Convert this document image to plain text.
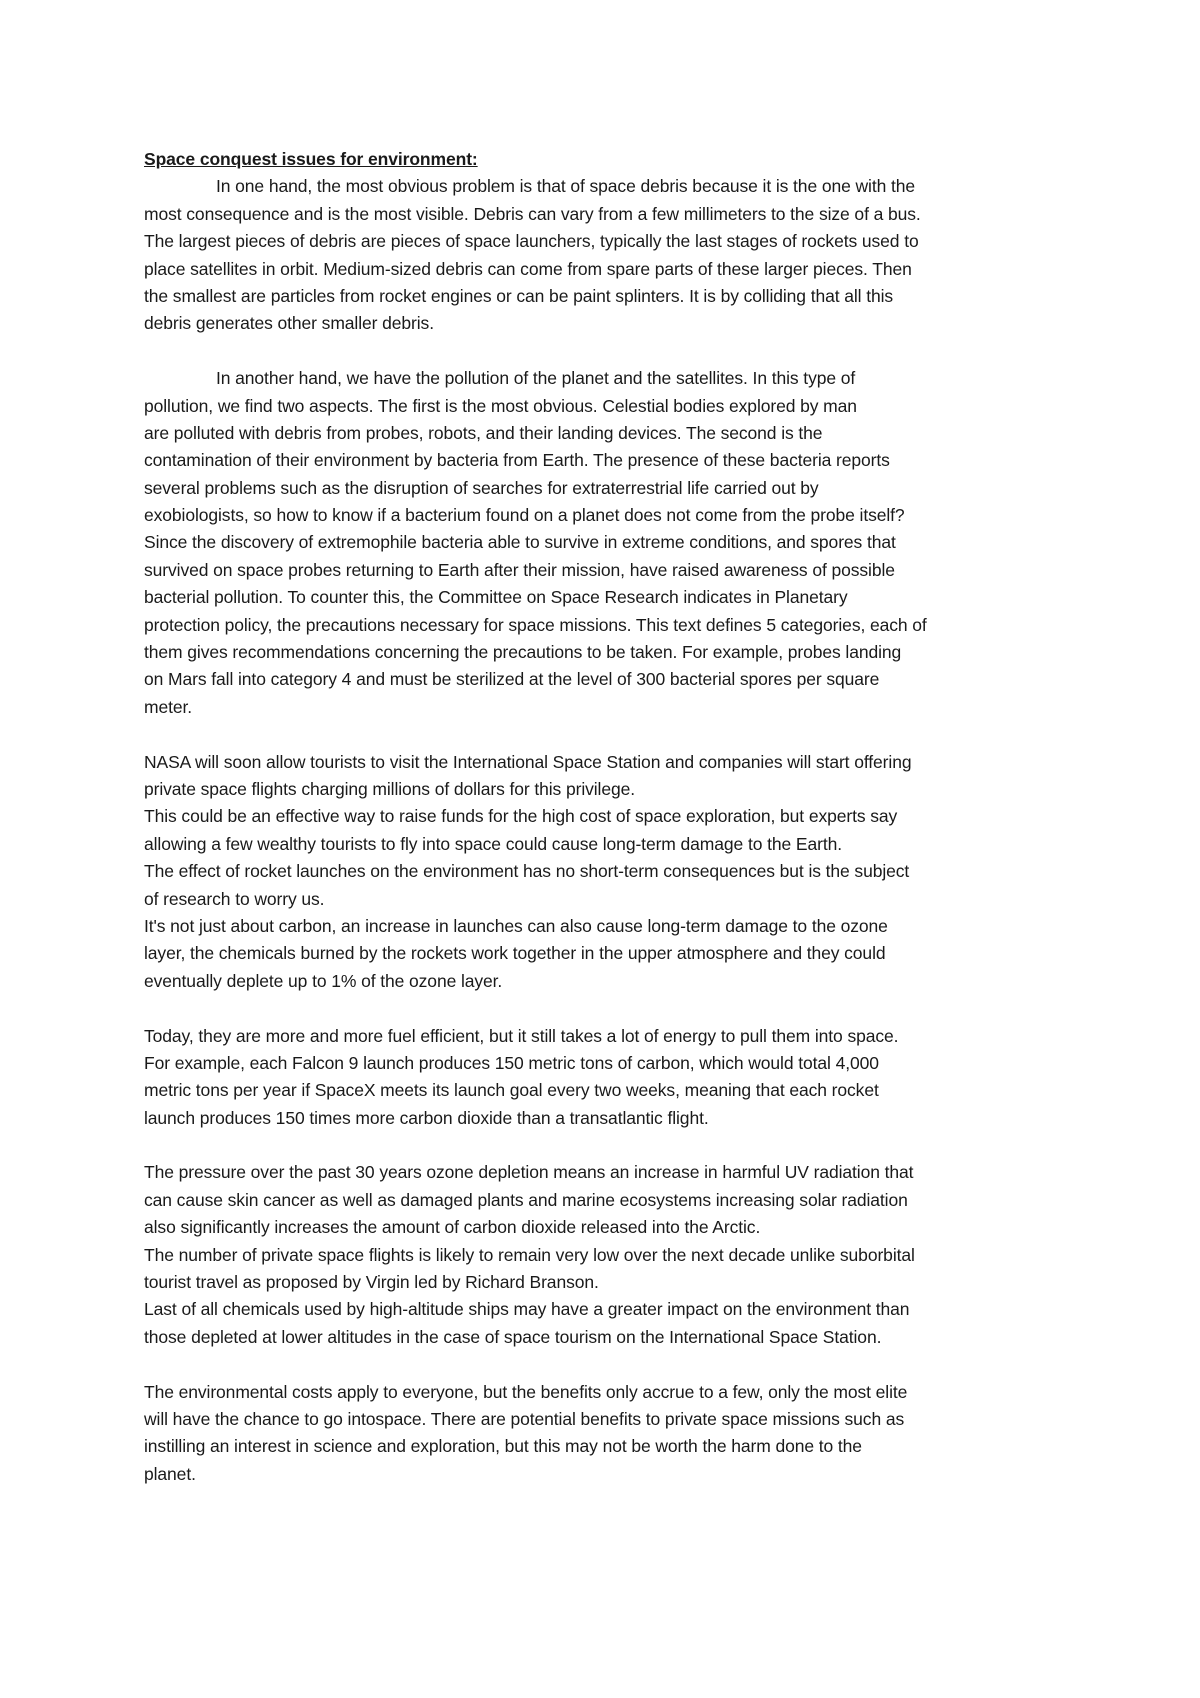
Space conquest issues for environment:
In one hand, the most obvious problem is that of space debris because it is the one with the
most consequence and is the most visible. Debris can vary from a few millimeters to the size of a bus.
The largest pieces of debris are pieces of space launchers, typically the last stages of rockets used to
place satellites in orbit. Medium-sized debris can come from spare parts of these larger pieces. Then
the smallest are particles from rocket engines or can be paint splinters. It is by colliding that all this
debris generates other smaller debris.
In another hand, we have the pollution of the planet and the satellites. In this type of
pollution, we find two aspects. The first is the most obvious. Celestial bodies explored by man
are polluted with debris from probes, robots, and their landing devices. The second is the
contamination of their environment by bacteria from Earth. The presence of these bacteria reports
several problems such as the disruption of searches for extraterrestrial life carried out by
exobiologists, so how to know if a bacterium found on a planet does not come from the probe itself?
Since the discovery of extremophile bacteria able to survive in extreme conditions, and spores that
survived on space probes returning to Earth after their mission, have raised awareness of possible
bacterial pollution. To counter this, the Committee on Space Research indicates in Planetary
protection policy, the precautions necessary for space missions. This text defines 5 categories, each of
them gives recommendations concerning the precautions to be taken. For example, probes landing
on Mars fall into category 4 and must be sterilized at the level of 300 bacterial spores per square
meter.
NASA will soon allow tourists to visit the International Space Station and companies will start offering
private space flights charging millions of dollars for this privilege.
This could be an effective way to raise funds for the high cost of space exploration, but experts say
allowing a few wealthy tourists to fly into space could cause long-term damage to the Earth.
The effect of rocket launches on the environment has no short-term consequences but is the subject
of research to worry us.
It's not just about carbon, an increase in launches can also cause long-term damage to the ozone
layer, the chemicals burned by the rockets work together in the upper atmosphere and they could
eventually deplete up to 1% of the ozone layer.
Today, they are more and more fuel efficient, but it still takes a lot of energy to pull them into space.
For example, each Falcon 9 launch produces 150 metric tons of carbon, which would total 4,000
metric tons per year if SpaceX meets its launch goal every two weeks, meaning that each rocket
launch produces 150 times more carbon dioxide than a transatlantic flight.
The pressure over the past 30 years ozone depletion means an increase in harmful UV radiation that
can cause skin cancer as well as damaged plants and marine ecosystems increasing solar radiation
also significantly increases the amount of carbon dioxide released into the Arctic.
The number of private space flights is likely to remain very low over the next decade unlike suborbital
tourist travel as proposed by Virgin led by Richard Branson.
Last of all chemicals used by high-altitude ships may have a greater impact on the environment than
those depleted at lower altitudes in the case of space tourism on the International Space Station.
The environmental costs apply to everyone, but the benefits only accrue to a few, only the most elite
will have the chance to go intospace. There are potential benefits to private space missions such as
instilling an interest in science and exploration, but this may not be worth the harm done to the
planet.
